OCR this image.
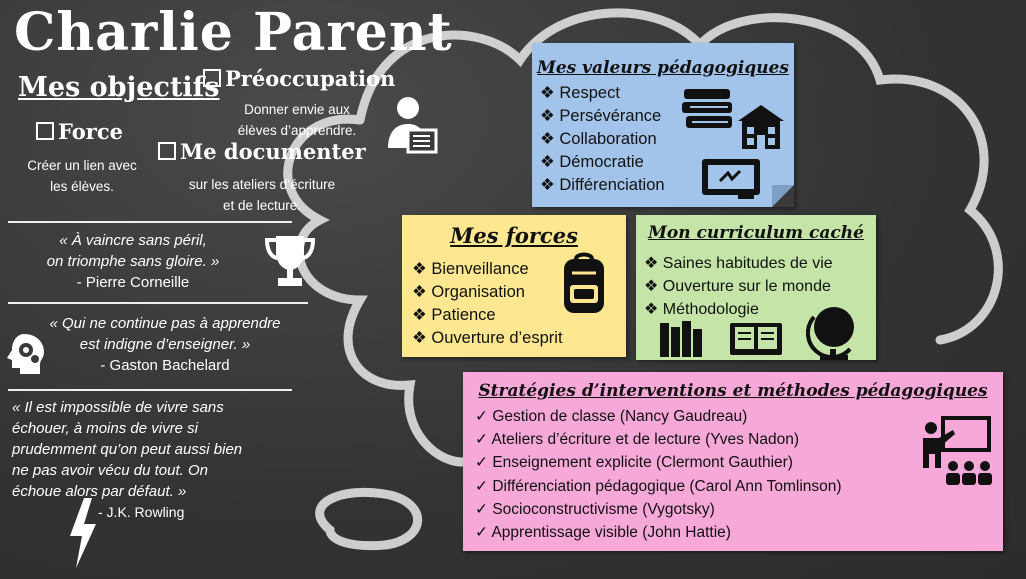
Charlie Parent
Mes objectifs Préoccupation
Donner envie aux
élèves d’apprendre.
Force
Créer un lien avec
les élèves.
Me documenter
sur les ateliers d’écriture
et de lecture.
« À vaincre sans péril,
on triomphe sans gloire. »
- Pierre Corneille
« Qui ne continue pas à apprendre
est indigne d’enseigner. »
- Gaston Bachelard
« Il est impossible de vivre sans
échouer, à moins de vivre si
prudemment qu’on peut aussi bien
ne pas avoir vécu du tout. On
échoue alors par défaut. »
- J.K. Rowling
Mes valeurs pédagogiques
❖ Respect
❖ Persévérance
❖ Collaboration
❖ Démocratie
❖ Différenciation
Mes forces
❖ Bienveillance
❖ Organisation
❖ Patience
❖ Ouverture d’esprit
Mon curriculum caché
❖ Saines habitudes de vie
❖ Ouverture sur le monde
❖ Méthodologie
Stratégies d’interventions et méthodes pédagogiques
✓ Gestion de classe (Nancy Gaudreau)
✓ Ateliers d’écriture et de lecture (Yves Nadon)
✓ Enseignement explicite (Clermont Gauthier)
✓ Différenciation pédagogique (Carol Ann Tomlinson)
✓ Socioconstructivisme (Vygotsky)
✓ Apprentissage visible (John Hattie)
